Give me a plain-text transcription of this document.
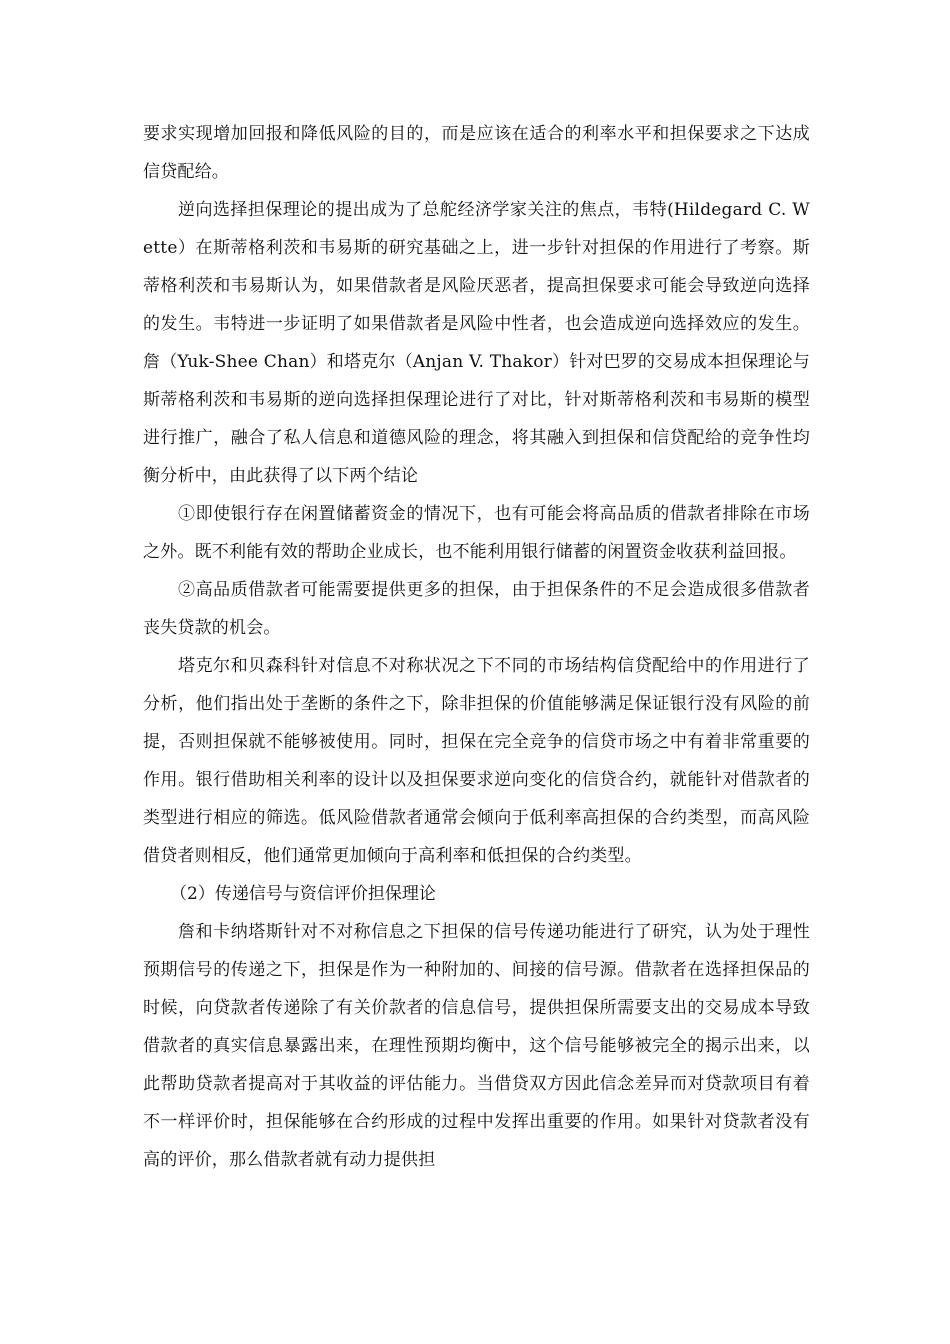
要求实现增加回报和降低风险的目的，而是应该在适合的利率水平和担保要求之下达成信贷配给。

逆向选择担保理论的提出成为了总舵经济学家关注的焦点，韦特(Hildegard C. Wette）在斯蒂格利茨和韦易斯的研究基础之上，进一步针对担保的作用进行了考察。斯蒂格利茨和韦易斯认为，如果借款者是风险厌恶者，提高担保要求可能会导致逆向选择的发生。韦特进一步证明了如果借款者是风险中性者，也会造成逆向选择效应的发生。詹（Yuk-Shee Chan）和塔克尔（Anjan V. Thakor）针对巴罗的交易成本担保理论与斯蒂格利茨和韦易斯的逆向选择担保理论进行了对比，针对斯蒂格利茨和韦易斯的模型进行推广，融合了私人信息和道德风险的理念，将其融入到担保和信贷配给的竞争性均衡分析中，由此获得了以下两个结论

①即使银行存在闲置储蓄资金的情况下，也有可能会将高品质的借款者排除在市场之外。既不利能有效的帮助企业成长，也不能利用银行储蓄的闲置资金收获利益回报。

②高品质借款者可能需要提供更多的担保，由于担保条件的不足会造成很多借款者丧失贷款的机会。

塔克尔和贝森科针对信息不对称状况之下不同的市场结构信贷配给中的作用进行了分析，他们指出处于垄断的条件之下，除非担保的价值能够满足保证银行没有风险的前提，否则担保就不能够被使用。同时，担保在完全竞争的信贷市场之中有着非常重要的作用。银行借助相关利率的设计以及担保要求逆向变化的信贷合约，就能针对借款者的类型进行相应的筛选。低风险借款者通常会倾向于低利率高担保的合约类型，而高风险借贷者则相反，他们通常更加倾向于高利率和低担保的合约类型。

（2）传递信号与资信评价担保理论

詹和卡纳塔斯针对不对称信息之下担保的信号传递功能进行了研究，认为处于理性预期信号的传递之下，担保是作为一种附加的、间接的信号源。借款者在选择担保品的时候，向贷款者传递除了有关价款者的信息信号，提供担保所需要支出的交易成本导致借款者的真实信息暴露出来，在理性预期均衡中，这个信号能够被完全的揭示出来，以此帮助贷款者提高对于其收益的评估能力。当借贷双方因此信念差异而对贷款项目有着不一样评价时，担保能够在合约形成的过程中发挥出重要的作用。如果针对贷款者没有高的评价，那么借款者就有动力提供担
